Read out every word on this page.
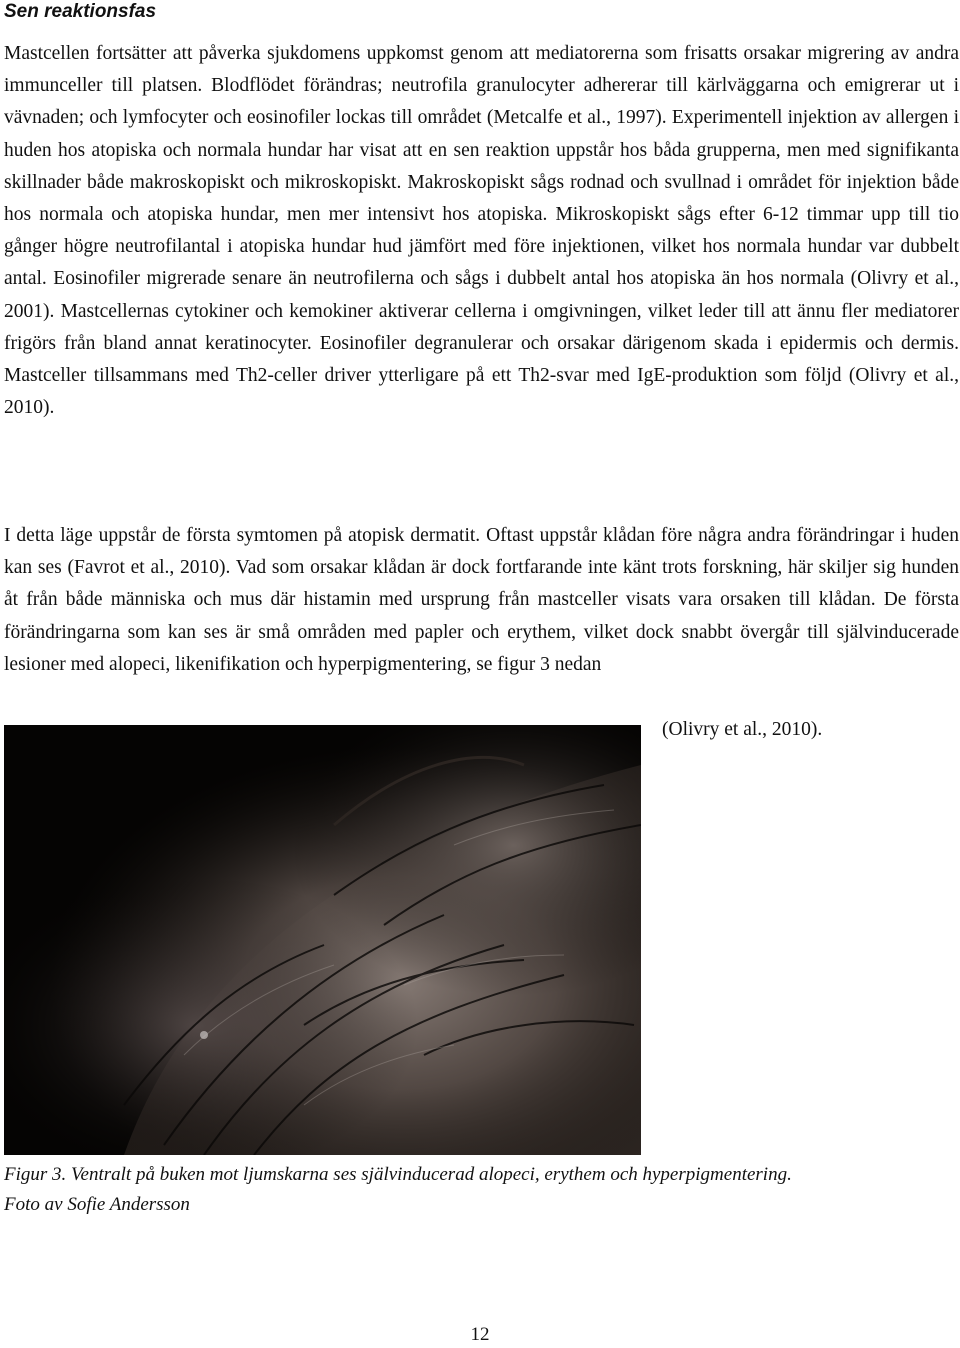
Sen reaktionsfas

Mastcellen fortsätter att påverka sjukdomens uppkomst genom att mediatorerna som frisatts orsakar migrering av andra immunceller till platsen. Blodflödet förändras; neutrofila granulocyter adhererar till kärlväggarna och emigrerar ut i vävnaden; och lymfocyter och eosinofiler lockas till området (Metcalfe et al., 1997). Experimentell injektion av allergen i huden hos atopiska och normala hundar har visat att en sen reaktion uppstår hos båda grupperna, men med signifikanta skillnader både makroskopiskt och mikroskopiskt. Makroskopiskt sågs rodnad och svullnad i området för injektion både hos normala och atopiska hundar, men mer intensivt hos atopiska. Mikroskopiskt sågs efter 6-12 timmar upp till tio gånger högre neutrofilantal i atopiska hundar hud jämfört med före injektionen, vilket hos normala hundar var dubbelt antal. Eosinofiler migrerade senare än neutrofilerna och sågs i dubbelt antal hos atopiska än hos normala (Olivry et al., 2001). Mastcellernas cytokiner och kemokiner aktiverar cellerna i omgivningen, vilket leder till att ännu fler mediatorer frigörs från bland annat keratinocyter. Eosinofiler degranulerar och orsakar därigenom skada i epidermis och dermis. Mastceller tillsammans med Th2-celler driver ytterligare på ett Th2-svar med IgE-produktion som följd (Olivry et al., 2010).

I detta läge uppstår de första symtomen på atopisk dermatit. Oftast uppstår klådan före några andra förändringar i huden kan ses (Favrot et al., 2010). Vad som orsakar klådan är dock fortfarande inte känt trots forskning, här skiljer sig hunden åt från både människa och mus där histamin med ursprung från mastceller visats vara orsaken till klådan. De första förändringarna som kan ses är små områden med papler och erythem, vilket dock snabbt övergår till självinducerade lesioner med alopeci, likenifikation och hyperpigmentering, se figur 3 nedan

(Olivry et al., 2010).

Figur 3. Ventralt på buken mot ljumskarna ses självinducerad alopeci, erythem och hyperpigmentering.
Foto av Sofie Andersson

12
